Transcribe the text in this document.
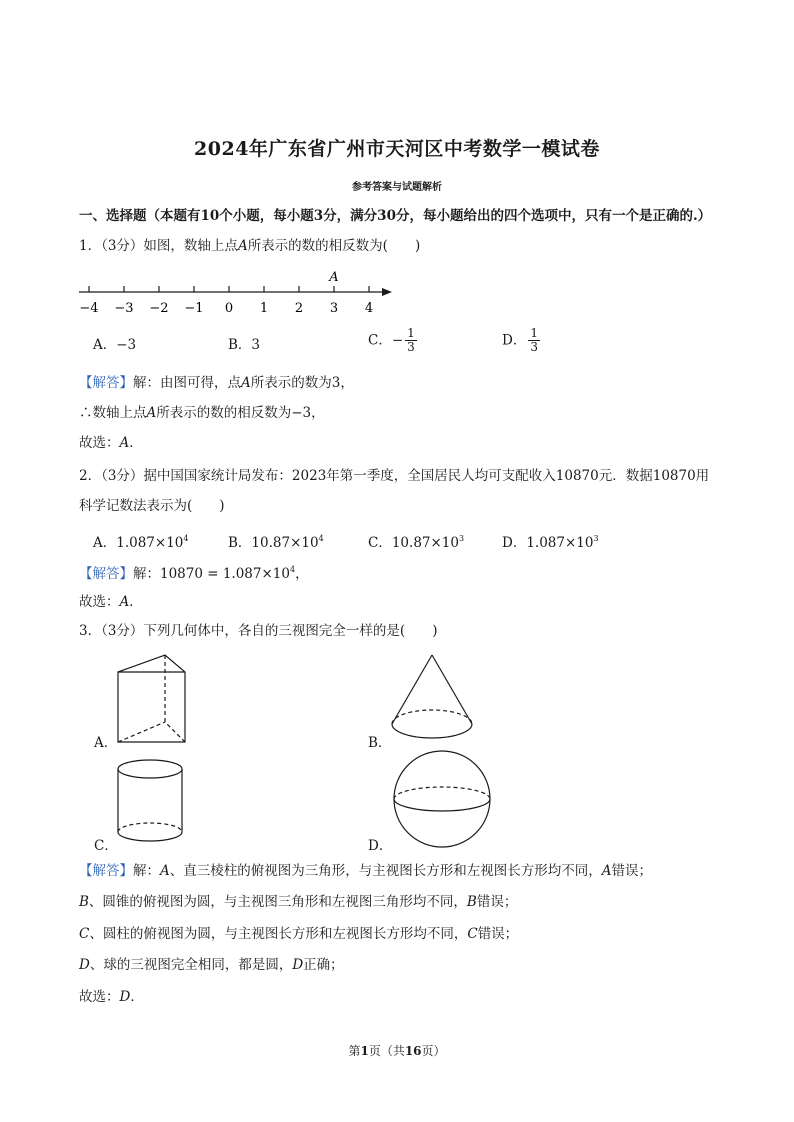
2024年广东省广州市天河区中考数学一模试卷
参考答案与试题解析
一、选择题（本题有10个小题，每小题3分，满分30分，每小题给出的四个选项中，只有一个是正确的.）
1．（3分）如图，数轴上点A所表示的数的相反数为(　　)
−4 −3 −2 −1 0 1 2 3 4
A
A．−3	B．3	C．− $\frac{1}{3}$	D． $\frac{1}{3}$
【解答】解：由图可得，点A所表示的数为3，
∴数轴上点A所表示的数的相反数为−3，
故选：A．
2．（3分）据中国国家统计局发布：2023年第一季度，全国居民人均可支配收入10870元．数据10870用
科学记数法表示为(　　)
A．$1.087\times 10^4$	B．$10.87\times 10^4$	C．$10.87\times 10^3$	D．$1.087\times 10^3$
【解答】解：$10870 = 1.087\times 10^4$，
故选：A．
3．（3分）下列几何体中，各自的三视图完全一样的是(　　)
A．	B．
C．	D．
【解答】解：A、直三棱柱的俯视图为三角形，与主视图长方形和左视图长方形均不同，A错误；
B、圆锥的俯视图为圆，与主视图三角形和左视图三角形均不同，B错误；
C、圆柱的俯视图为圆，与主视图长方形和左视图长方形均不同，C错误；
D、球的三视图完全相同，都是圆，D正确；
故选：D．
第1页（共16页）
